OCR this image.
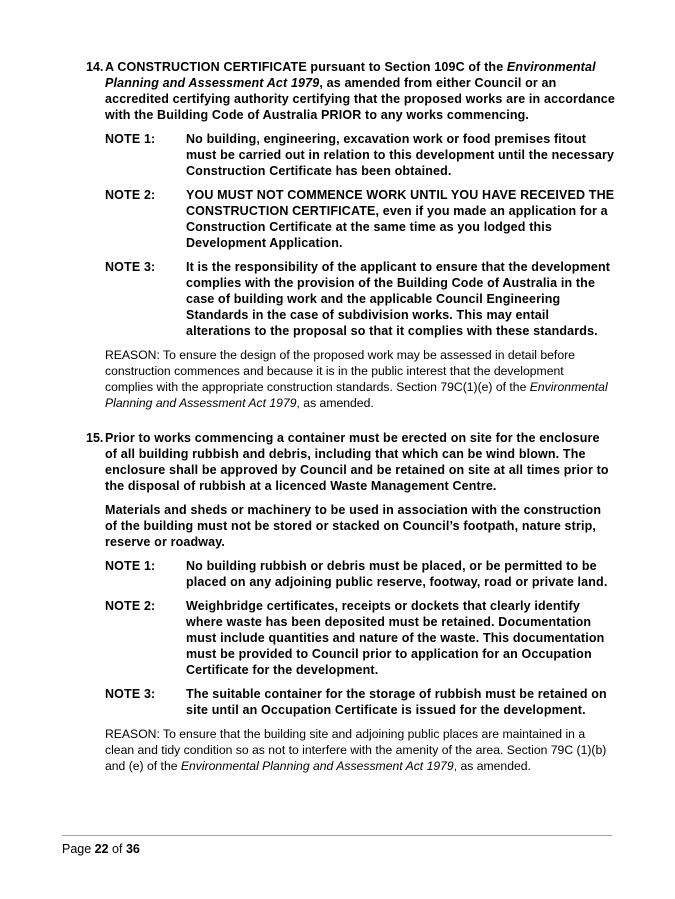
14. A CONSTRUCTION CERTIFICATE pursuant to Section 109C of the Environmental Planning and Assessment Act 1979, as amended from either Council or an accredited certifying authority certifying that the proposed works are in accordance with the Building Code of Australia PRIOR to any works commencing.

NOTE 1:	No building, engineering, excavation work or food premises fitout must be carried out in relation to this development until the necessary Construction Certificate has been obtained.
NOTE 2:	YOU MUST NOT COMMENCE WORK UNTIL YOU HAVE RECEIVED THE CONSTRUCTION CERTIFICATE, even if you made an application for a Construction Certificate at the same time as you lodged this Development Application.
NOTE 3:	It is the responsibility of the applicant to ensure that the development complies with the provision of the Building Code of Australia in the case of building work and the applicable Council Engineering Standards in the case of subdivision works. This may entail alterations to the proposal so that it complies with these standards.
REASON: To ensure the design of the proposed work may be assessed in detail before construction commences and because it is in the public interest that the development complies with the appropriate construction standards. Section 79C(1)(e) of the Environmental Planning and Assessment Act 1979, as amended.
15. Prior to works commencing a container must be erected on site for the enclosure of all building rubbish and debris, including that which can be wind blown. The enclosure shall be approved by Council and be retained on site at all times prior to the disposal of rubbish at a licenced Waste Management Centre.

Materials and sheds or machinery to be used in association with the construction of the building must not be stored or stacked on Council’s footpath, nature strip, reserve or roadway.

NOTE 1:	No building rubbish or debris must be placed, or be permitted to be placed on any adjoining public reserve, footway, road or private land.
NOTE 2:	Weighbridge certificates, receipts or dockets that clearly identify where waste has been deposited must be retained. Documentation must include quantities and nature of the waste. This documentation must be provided to Council prior to application for an Occupation Certificate for the development.
NOTE 3:	The suitable container for the storage of rubbish must be retained on site until an Occupation Certificate is issued for the development.
REASON: To ensure that the building site and adjoining public places are maintained in a clean and tidy condition so as not to interfere with the amenity of the area. Section 79C (1)(b) and (e) of the Environmental Planning and Assessment Act 1979, as amended.
Page 22 of 36
